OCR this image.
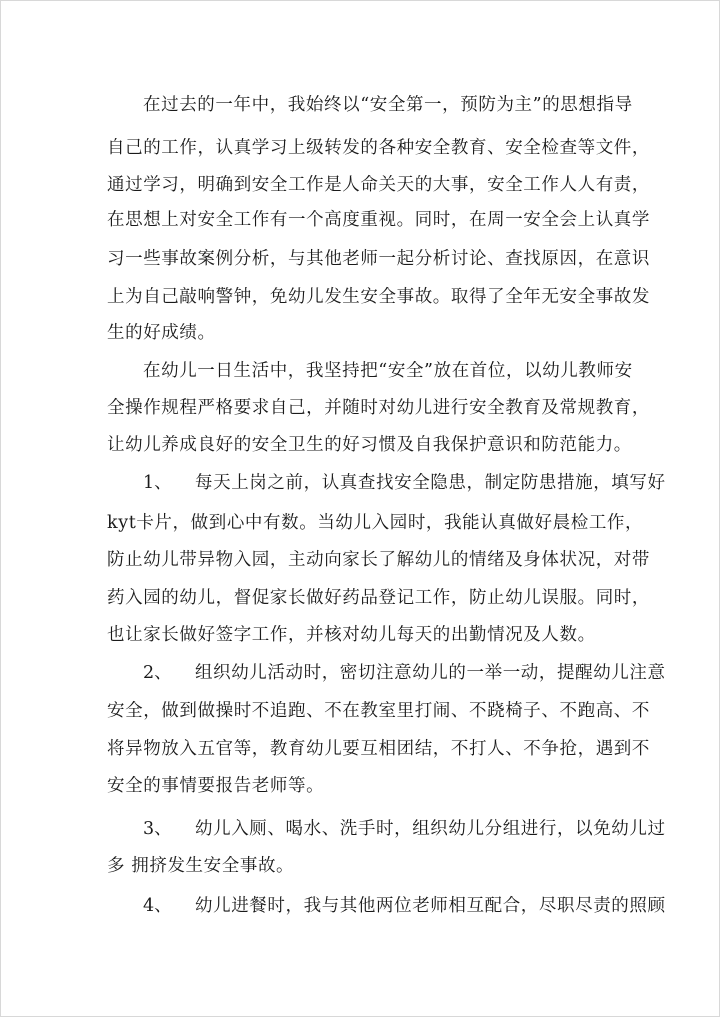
在过去的一年中，我始终以“安全第一，预防为主”的思想指导
自己的工作，认真学习上级转发的各种安全教育、安全检查等文件，
通过学习，明确到安全工作是人命关天的大事，安全工作人人有责，
在思想上对安全工作有一个高度重视。同时，在周一安全会上认真学
习一些事故案例分析，与其他老师一起分析讨论、查找原因，在意识
上为自己敲响警钟，免幼儿发生安全事故。取得了全年无安全事故发
生的好成绩。
在幼儿一日生活中，我坚持把“安全”放在首位，以幼儿教师安
全操作规程严格要求自己，并随时对幼儿进行安全教育及常规教育，
让幼儿养成良好的安全卫生的好习惯及自我保护意识和防范能力。
1、 每天上岗之前，认真查找安全隐患，制定防患措施，填写好
kyt卡片，做到心中有数。当幼儿入园时，我能认真做好晨检工作，
防止幼儿带异物入园，主动向家长了解幼儿的情绪及身体状况，对带
药入园的幼儿，督促家长做好药品登记工作，防止幼儿误服。同时，
也让家长做好签字工作，并核对幼儿每天的出勤情况及人数。
2、 组织幼儿活动时，密切注意幼儿的一举一动，提醒幼儿注意
安全，做到做操时不追跑、不在教室里打闹、不跷椅子、不跑高、不
将异物放入五官等，教育幼儿要互相团结，不打人、不争抢，遇到不
安全的事情要报告老师等。
3、 幼儿入厕、喝水、洗手时，组织幼儿分组进行，以免幼儿过
多 拥挤发生安全事故。
4、 幼儿进餐时，我与其他两位老师相互配合，尽职尽责的照顾
